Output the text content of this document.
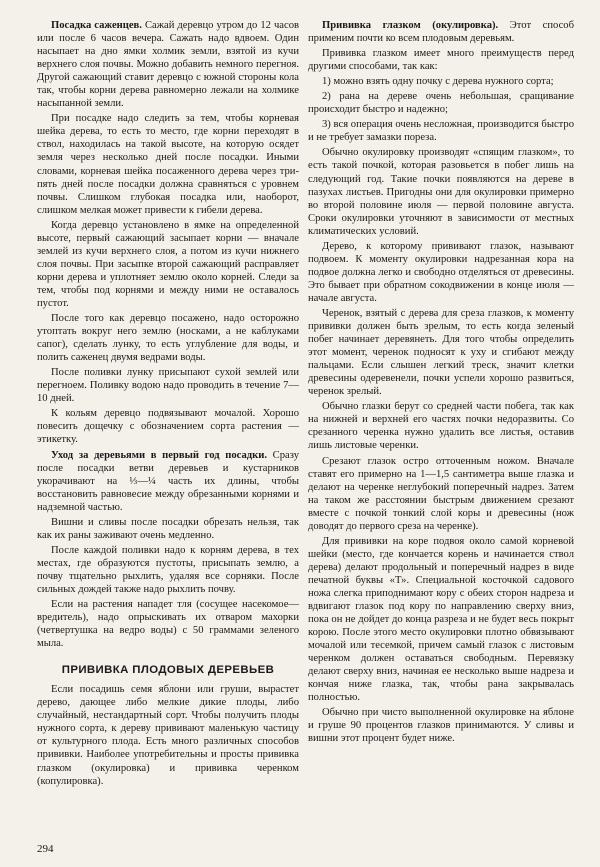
Посадка саженцев. Сажай деревцо утром до 12 часов или после 6 часов вечера. Сажать надо вдвоем. Один насыпает на дно ямки холмик земли, взятой из кучи верхнего слоя почвы. Можно добавить немного перегноя. Другой сажающий ставит деревцо с южной стороны кола так, чтобы корни дерева равномерно лежали на холмике насыпанной земли.

При посадке надо следить за тем, чтобы корневая шейка дерева, то есть то место, где корни переходят в ствол, находилась на такой высоте, на которую осядет земля через несколько дней после посадки. Иными словами, корневая шейка посаженного дерева через три-пять дней после посадки должна сравняться с уровнем почвы. Слишком глубокая посадка или, наоборот, слишком мелкая может привести к гибели дерева.

Когда деревцо установлено в ямке на определенной высоте, первый сажающий засыпает корни — вначале землей из кучи верхнего слоя, а потом из кучи нижнего слоя почвы. При засыпке второй сажающий расправляет корни дерева и уплотняет землю около корней. Следи за тем, чтобы под корнями и между ними не оставалось пустот.

После того как деревцо посажено, надо осторожно утоптать вокруг него землю (носками, а не каблуками сапог), сделать лунку, то есть углубление для воды, и полить саженец двумя ведрами воды.

После поливки лунку присыпают сухой землей или перегноем. Поливку водою надо проводить в течение 7—10 дней.

К кольям деревцо подвязывают мочалой. Хорошо повесить дощечку с обозначением сорта растения — этикетку.

Уход за деревьями в первый год посадки. Сразу после посадки ветви деревьев и кустарников укорачивают на ⅓—¼ часть их длины, чтобы восстановить равновесие между обрезанными корнями и надземной частью.

Вишни и сливы после посадки обрезать нельзя, так как их раны заживают очень медленно.

После каждой поливки надо к корням дерева, в тех местах, где образуются пустоты, присыпать землю, а почву тщательно рыхлить, удаляя все сорняки. После сильных дождей также надо рыхлить почву.

Если на растения нападет тля (сосущее насекомое—вредитель), надо опрыскивать их отваром махорки (четвертушка на ведро воды) с 50 граммами зеленого мыла.

ПРИВИВКА ПЛОДОВЫХ ДЕРЕВЬЕВ

Если посадишь семя яблони или груши, вырастет дерево, дающее либо мелкие дикие плоды, либо случайный, нестандартный сорт. Чтобы получить плоды нужного сорта, к дереву прививают маленькую частицу от культурного плода. Есть много различных способов прививки. Наиболее употребительны и просты прививка глазком (окулировка) и прививка черенком (копулировка).

Прививка глазком (окулировка). Этот способ применим почти ко всем плодовым деревьям.

Прививка глазком имеет много преимуществ перед другими способами, так как:

1) можно взять одну почку с дерева нужного сорта;

2) рана на дереве очень небольшая, сращивание происходит быстро и надежно;

3) вся операция очень несложная, производится быстро и не требует замазки пореза.

Обычно окулировку производят «спящим глазком», то есть такой почкой, которая разовьется в побег лишь на следующий год. Такие почки появляются на дереве в пазухах листьев. Пригодны они для окулировки примерно во второй половине июля — первой половине августа. Сроки окулировки уточняют в зависимости от местных климатических условий.

Дерево, к которому прививают глазок, называют подвоем. К моменту окулировки надрезанная кора на подвое должна легко и свободно отделяться от древесины. Это бывает при обратном сокодвижении в конце июля — начале августа.

Черенок, взятый с дерева для среза глазков, к моменту прививки должен быть зрелым, то есть когда зеленый побег начинает деревянеть. Для того чтобы определить этот момент, черенок подносят к уху и сгибают между пальцами. Если слышен легкий треск, значит клетки древесины одеревенели, почки успели хорошо развиться, черенок зрелый.

Обычно глазки берут со средней части побега, так как на нижней и верхней его частях почки недоразвиты. Со срезанного черенка нужно удалить все листья, оставив лишь листовые черенки.

Срезают глазок остро отточенным ножом. Вначале ставят его примерно на 1—1,5 сантиметра выше глазка и делают на черенке неглубокий поперечный надрез. Затем на таком же расстоянии быстрым движением срезают вместе с почкой тонкий слой коры и древесины (нож доводят до первого среза на черенке).

Для прививки на коре подвоя около самой корневой шейки (место, где кончается корень и начинается ствол дерева) делают продольный и поперечный надрез в виде печатной буквы «Т». Специальной косточкой садового ножа слегка приподнимают кору с обеих сторон надреза и вдвигают глазок под кору по направлению сверху вниз, пока он не дойдет до конца разреза и не будет весь покрыт корою. После этого место окулировки плотно обвязывают мочалой или тесемкой, причем самый глазок с листовым черенком должен оставаться свободным. Перевязку делают сверху вниз, начиная ее несколько выше надреза и кончая ниже глазка, так, чтобы рана закрывалась полностью.

Обычно при чисто выполненной окулировке на яблоне и груше 90 процентов глазков принимаются. У сливы и вишни этот процент будет ниже.

294
